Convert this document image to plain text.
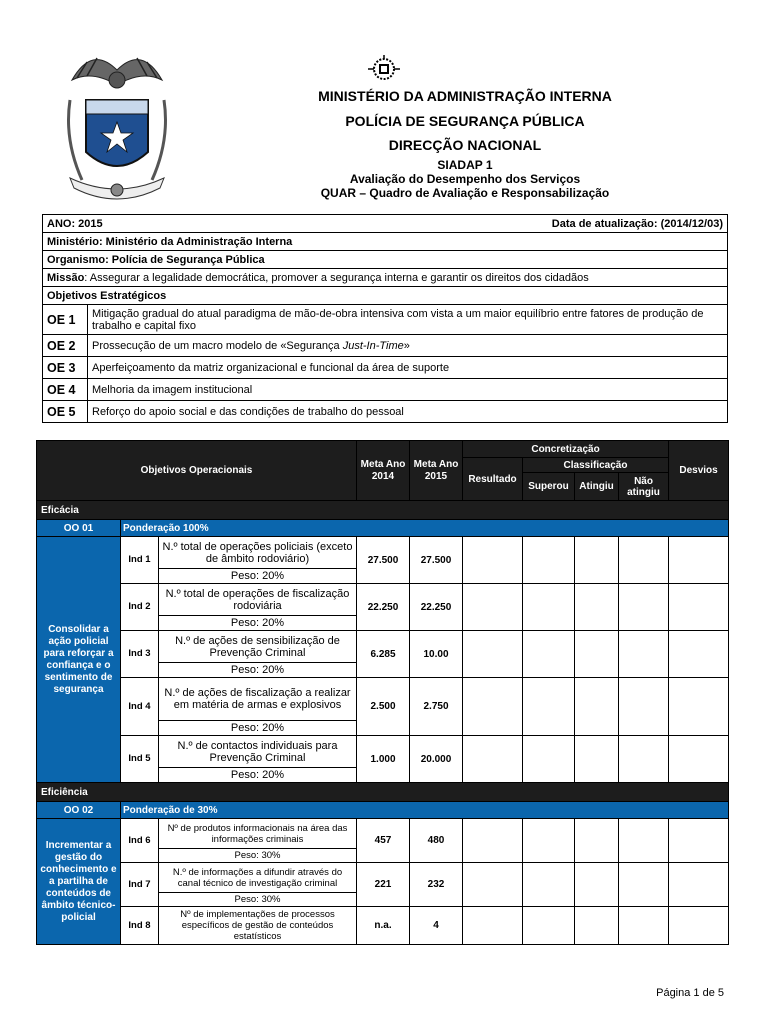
MINISTÉRIO DA ADMINISTRAÇÃO INTERNA
POLÍCIA DE SEGURANÇA PÚBLICA
DIRECÇÃO NACIONAL
SIADAP 1
Avaliação do Desempenho dos Serviços
QUAR – Quadro de Avaliação e Responsabilização
ANO: 2015 Data de atualização: (2014/12/03)	

Ministério: Ministério da Administração Interna	
Organismo: Polícia de Segurança Pública	
Missão: Assegurar a legalidade democrática, promover a segurança interna e garantir os direitos dos cidadãos	
Objetivos Estratégicos	
OE 1	Mitigação gradual do atual paradigma de mão-de-obra intensiva com vista a um maior equilíbrio entre fatores de produção de trabalho e capital fixo
OE 2	Prossecução de um macro modelo de «Segurança Just-In-Time»
OE 3	Aperfeiçoamento da matriz organizacional e funcional da área de suporte
OE 4	Melhoria da imagem institucional
OE 5	Reforço do apoio social e das condições de trabalho do pessoal
Objetivos Operacionais			Meta Ano 2014	Meta Ano 2015	Concretização				Desvios
					Resultado	Classificação			
						Superou	Atingiu	Não atingiu	
Eficácia									
OO 01	Ponderação 100%								
Consolidar a ação policial para reforçar a confiança e o sentimento de segurança	Ind 1	N.º total de operações policiais (exceto de âmbito rodoviário)	27.500	27.500					
		Peso: 20%							
	Ind 2	N.º total de operações de fiscalização rodoviária	22.250	22.250					
		Peso: 20%							
	Ind 3	N.º de ações de sensibilização de Prevenção Criminal	6.285	10.00					
		Peso: 20%							
	Ind 4	N.º de ações de fiscalização a realizar em matéria de armas e explosivos	2.500	2.750					
		Peso: 20%							
	Ind 5	N.º de contactos individuais para Prevenção Criminal	1.000	20.000					
		Peso: 20%							
Eficiência									
OO 02	Ponderação de 30%								
Incrementar a gestão do conhecimento e a partilha de conteúdos de âmbito técnico-policial	Ind 6	Nº de produtos informacionais na área das informações criminais	457	480					
		Peso: 30%							
	Ind 7	N.º de informações a difundir através do canal técnico de investigação criminal	221	232					
		Peso: 30%							
	Ind 8	Nº de implementações de processos específicos de gestão de conteúdos estatísticos	n.a.	4					
Página 1 de 5
